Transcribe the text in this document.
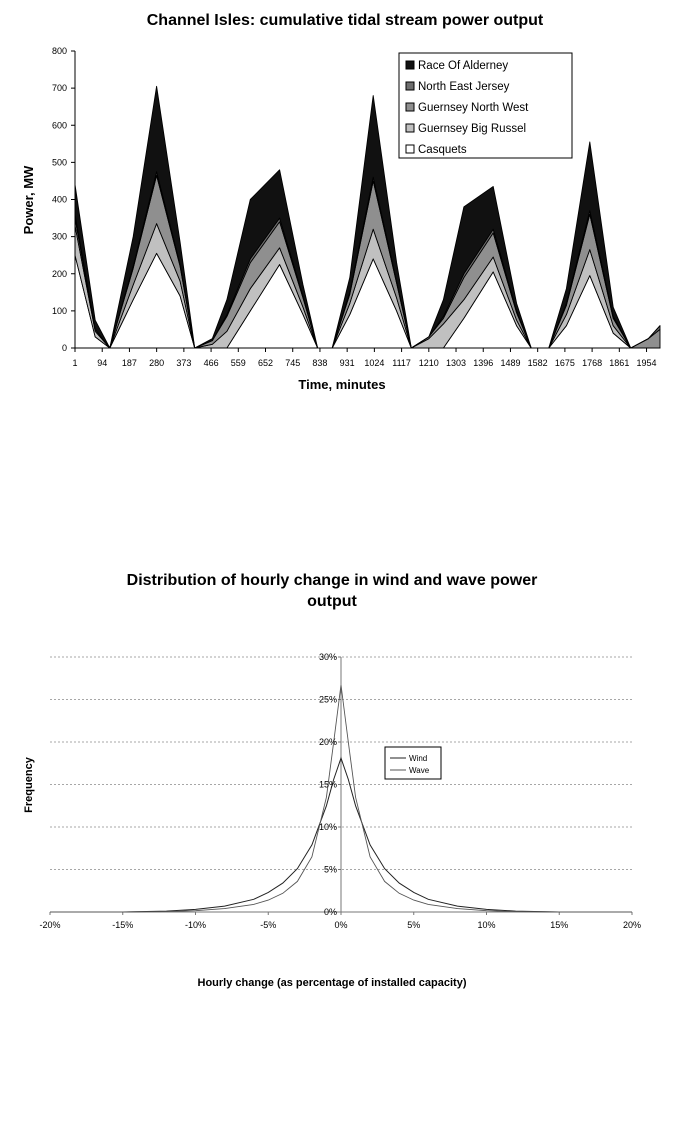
Channel Isles: cumulative tidal stream power output
0
100
200
300
400
500
600
700
800
1 94 187 280 373 466 559 652 745 838 931 1024 1117 1210 1303 1396 1489 1582 1675 1768 1861 1954
Time, minutes
Power, MW
Race Of Alderney
North East Jersey
Guernsey North West
Guernsey Big Russel
Casquets
Distribution of hourly change in wind and wave power
output
0%
5%
10%
15%
20%
25%
30%
-20%	-15%	-10%	-5%	0%	5%	10%	15%	20%
Hourly change (as percentage of installed capacity)
Frequency	Wind
Wave
